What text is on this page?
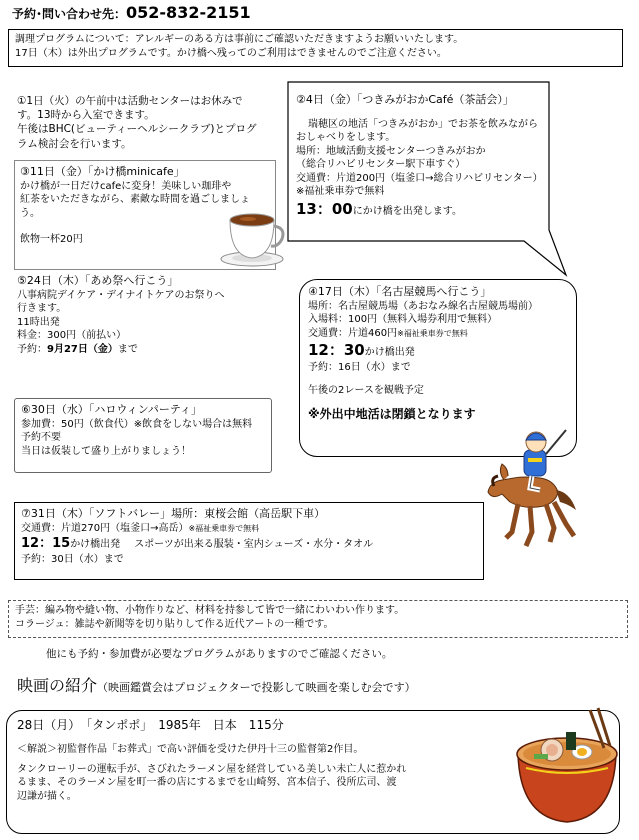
予約･問い合わせ先：052-832-2151
調理プログラムについて：アレルギーのある方は事前にご確認いただきますようお願いいたします。
17日（木）は外出プログラムです。かけ橋へ残ってのご利用はできませんのでご注意ください。
①1日（火）の午前中は活動センターはお休みで
す。13時から入室できます。
午後はBHC(ビューティーヘルシークラブ)とプログ
ラム検討会を行います。
③11日（金）「かけ橋minicafe」
かけ橋が一日だけcafeに変身！美味しい珈琲や
紅茶をいただきながら、素敵な時間を過ごしましょ
う。
飲物一杯20円
②4日（金）「つきみがおかCafé（茶話会）」
瑞穂区の地活「つきみがおか」でお茶を飲みながら
おしゃべりをします。
場所：地域活動支援センターつきみがおか
（総合リハビリセンター駅下車すぐ）
交通費：片道200円（塩釜口→総合リハビリセンター）
※福祉乗車券で無料
13：00にかけ橋を出発します。
⑤24日（木）「あめ祭へ行こう」
八事病院デイケア・デイナイトケアのお祭りへ
行きます。
11時出発
料金：300円（前払い）
予約：9月27日（金）まで
④17日（木）「名古屋競馬へ行こう」
場所：名古屋競馬場（あおなみ線名古屋競馬場前）
入場料：100円（無料入場券利用で無料）
交通費：片道460円※福祉乗車券で無料
12：30かけ橋出発
予約：16日（水）まで
午後の2レースを観戦予定
※外出中地活は閉鎖となります
⑥30日（水）「ハロウィンパーティ」
参加費：50円（飲食代）※飲食をしない場合は無料
予約不要
当日は仮装して盛り上がりましょう！
⑦31日（木）「ソフトバレー」場所：東桜会館（高岳駅下車）
交通費：片道270円（塩釜口→高岳）※福祉乗車券で無料
12：15かけ橋出発 スポーツが出来る服装・室内シューズ・水分・タオル
予約：30日（水）まで
手芸：編み物や縫い物、小物作りなど、材料を持参して皆で一緒にわいわい作ります。
コラージュ：雑誌や新聞等を切り貼りして作る近代アートの一種です。
他にも予約・参加費が必要なプログラムがありますのでご確認ください。
映画の紹介（映画鑑賞会はプロジェクターで投影して映画を楽しむ会です）
28日（月）　「タンポポ」　1985年　日本　115分
＜解説＞初監督作品「お葬式」で高い評価を受けた伊丹十三の監督第2作目。
タンクローリーの運転手が、さびれたラーメン屋を経営している美しい未亡人に惹かれ
るまま、そのラーメン屋を町一番の店にするまでを山崎努、宮本信子、役所広司、渡
辺謙が描く。
